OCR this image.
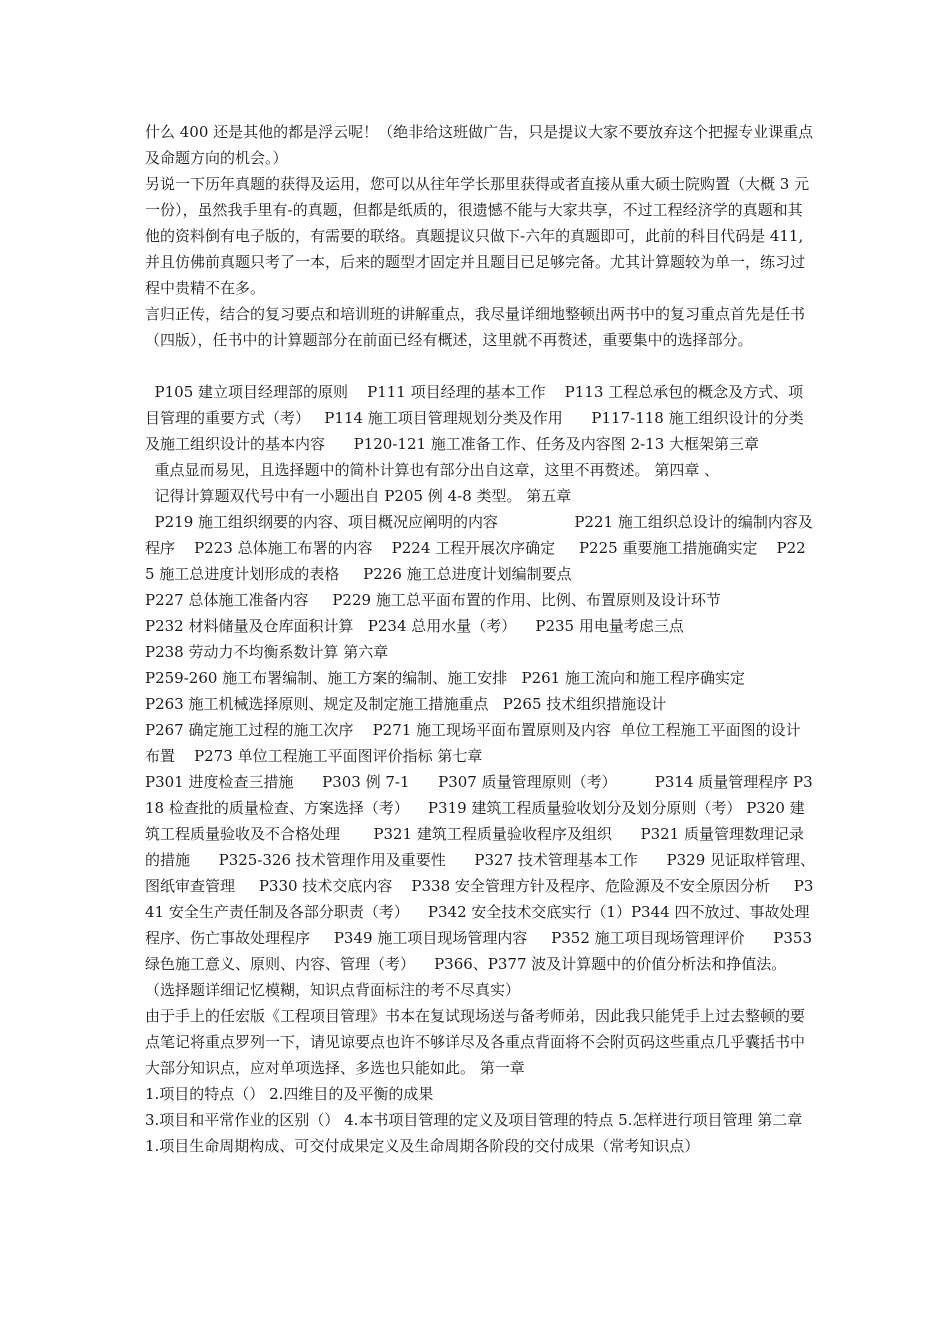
什么 400 还是其他的都是浮云呢！（绝非给这班做广告，只是提议大家不要放弃这个把握专业课重点及命题方向的机会。）

另说一下历年真题的获得及运用，您可以从往年学长那里获得或者直接从重大硕士院购置（大概 3 元一份），虽然我手里有-的真题，但都是纸质的，很遗憾不能与大家共享，不过工程经济学的真题和其他的资料倒有电子版的，有需要的联络。真题提议只做下-六年的真题即可，此前的科目代码是 411,并且仿佛前真题只考了一本，后来的题型才固定并且题目已足够完备。尤其计算题较为单一，练习过程中贵精不在多。

言归正传，结合的复习要点和培训班的讲解重点，我尽量详细地整顿出两书中的复习重点首先是任书（四版），任书中的计算题部分在前面已经有概述，这里就不再赘述，重要集中的选择部分。

P105 建立项目经理部的原则    P111 项目经理的基本工作    P113 工程总承包的概念及方式、项目管理的重要方式（考）   P114 施工项目管理规划分类及作用      P117-118 施工组织设计的分类及施工组织设计的基本内容      P120-121 施工准备工作、任务及内容图 2-13 大框架第三章

重点显而易见，且选择题中的简朴计算也有部分出自这章，这里不再赘述。 第四章 、

记得计算题双代号中有一小题出自 P205 例 4-8 类型。 第五章

P219 施工组织纲要的内容、项目概况应阐明的内容                P221 施工组织总设计的编制内容及程序    P223 总体施工布署的内容    P224 工程开展次序确定     P225 重要施工措施确实定    P225 施工总进度计划形成的表格     P226 施工总进度计划编制要点

P227 总体施工准备内容     P229 施工总平面布置的作用、比例、布置原则及设计环节

P232 材料储量及仓库面积计算   P234 总用水量（考）    P235 用电量考虑三点

P238 劳动力不均衡系数计算 第六章

P259-260 施工布署编制、施工方案的编制、施工安排   P261 施工流向和施工程序确实定

P263 施工机械选择原则、规定及制定施工措施重点   P265 技术组织措施设计

P267 确定施工过程的施工次序    P271 施工现场平面布置原则及内容  单位工程施工平面图的设计布置    P273 单位工程施工平面图评价指标 第七章

P301 进度检查三措施      P303 例 7-1      P307 质量管理原则（考）        P314 质量管理程序 P318 检查批的质量检查、方案选择（考）    P319 建筑工程质量验收划分及划分原则（考） P320 建筑工程质量验收及不合格处理       P321 建筑工程质量验收程序及组织      P321 质量管理数理记录的措施      P325-326 技术管理作用及重要性      P327 技术管理基本工作      P329 见证取样管理、图纸审查管理     P330 技术交底内容    P338 安全管理方针及程序、危险源及不安全原因分析     P341 安全生产责任制及各部分职责（考）    P342 安全技术交底实行（1）P344 四不放过、事故处理程序、伤亡事故处理程序     P349 施工项目现场管理内容     P352 施工项目现场管理评价      P353 绿色施工意义、原则、内容、管理（考）    P366、P377 波及计算题中的价值分析法和挣值法。

（选择题详细记忆模糊，知识点背面标注的考不尽真实）

由于手上的任宏版《工程项目管理》书本在复试现场送与备考师弟，因此我只能凭手上过去整顿的要点笔记将重点罗列一下，请见谅要点也许不够详尽及各重点背面将不会附页码这些重点几乎囊括书中大部分知识点，应对单项选择、多选也只能如此。 第一章

1.项目的特点（） 2.四维目的及平衡的成果

3.项目和平常作业的区别（） 4.本书项目管理的定义及项目管理的特点 5.怎样进行项目管理 第二章

1.项目生命周期构成、可交付成果定义及生命周期各阶段的交付成果（常考知识点）
